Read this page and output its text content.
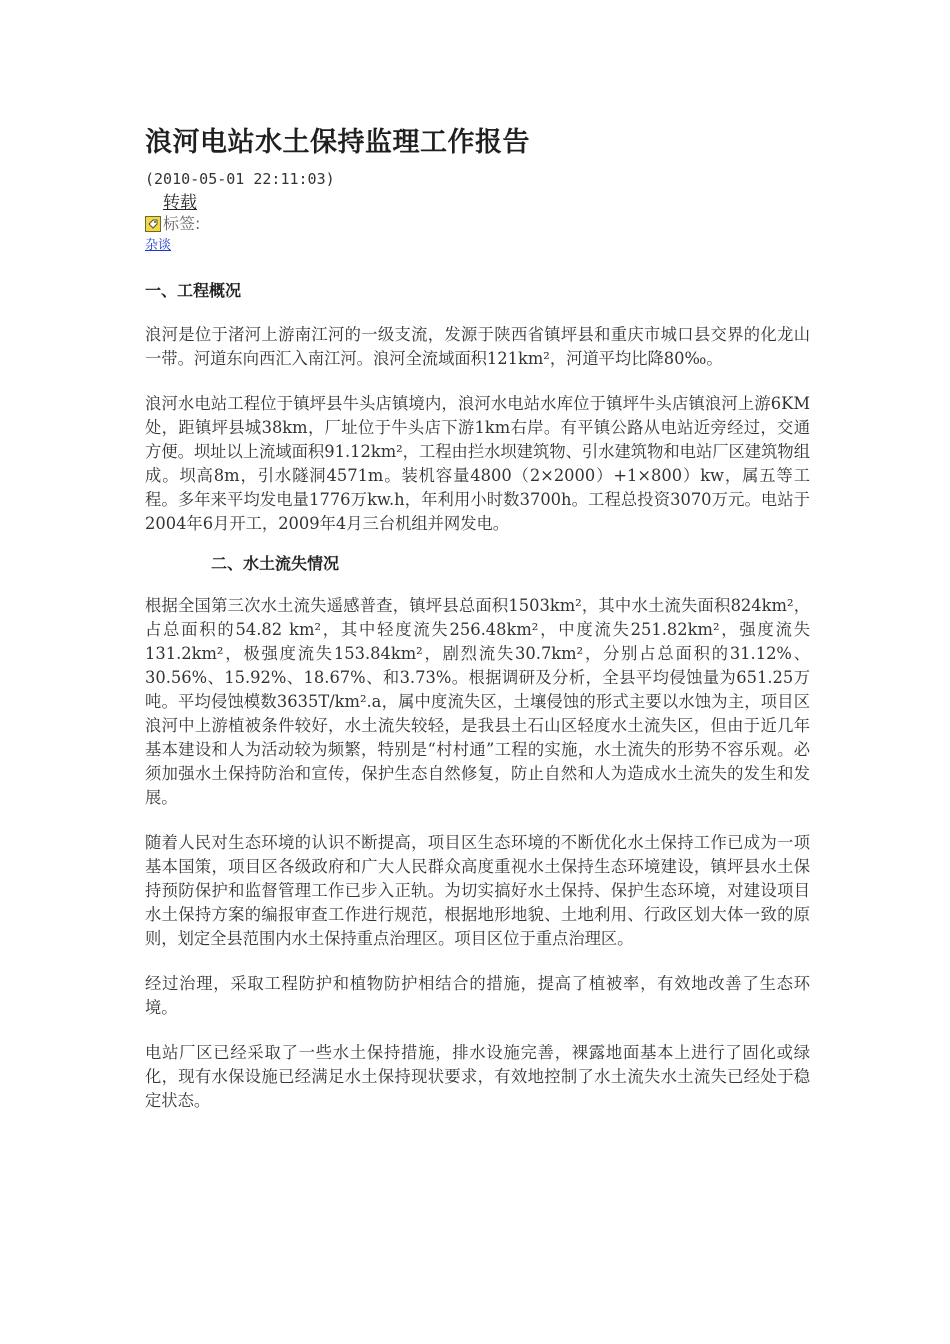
浪河电站水土保持监理工作报告
(2010-05-01 22:11:03)
转载
标签:
杂谈
一、工程概况

浪河是位于渚河上游南江河的一级支流，发源于陕西省镇坪县和重庆市城口县交界的化龙山一带。河道东向西汇入南江河。浪河全流域面积121km²，河道平均比降80‰。

浪河水电站工程位于镇坪县牛头店镇境内，浪河水电站水库位于镇坪牛头店镇浪河上游6KM处，距镇坪县城38km，厂址位于牛头店下游1km右岸。有平镇公路从电站近旁经过，交通方便。坝址以上流域面积91.12km²，工程由拦水坝建筑物、引水建筑物和电站厂区建筑物组成。坝高8m，引水隧洞4571m。装机容量4800（2×2000）+1×800）kw，属五等工程。多年来平均发电量1776万kw.h，年利用小时数3700h。工程总投资3070万元。电站于2004年6月开工，2009年4月三台机组并网发电。

二、水土流失情况

根据全国第三次水土流失遥感普查，镇坪县总面积1503km²，其中水土流失面积824km²，占总面积的54.82 km²，其中轻度流失256.48km²，中度流失251.82km²，强度流失131.2km²，极强度流失153.84km²，剧烈流失30.7km²，分别占总面积的31.12%、30.56%、15.92%、18.67%、和3.73%。根据调研及分析，全县平均侵蚀量为651.25万吨。平均侵蚀模数3635T/km².a，属中度流失区，土壤侵蚀的形式主要以水蚀为主，项目区浪河中上游植被条件较好，水土流失较轻，是我县土石山区轻度水土流失区，但由于近几年基本建设和人为活动较为频繁，特别是“村村通”工程的实施，水土流失的形势不容乐观。必须加强水土保持防治和宣传，保护生态自然修复，防止自然和人为造成水土流失的发生和发展。

随着人民对生态环境的认识不断提高，项目区生态环境的不断优化水土保持工作已成为一项基本国策，项目区各级政府和广大人民群众高度重视水土保持生态环境建设，镇坪县水土保持预防保护和监督管理工作已步入正轨。为切实搞好水土保持、保护生态环境，对建设项目水土保持方案的编报审查工作进行规范，根据地形地貌、土地利用、行政区划大体一致的原则，划定全县范围内水土保持重点治理区。项目区位于重点治理区。

经过治理，采取工程防护和植物防护相结合的措施，提高了植被率，有效地改善了生态环境。

电站厂区已经采取了一些水土保持措施，排水设施完善，裸露地面基本上进行了固化或绿化，现有水保设施已经满足水土保持现状要求，有效地控制了水土流失水土流失已经处于稳定状态。
